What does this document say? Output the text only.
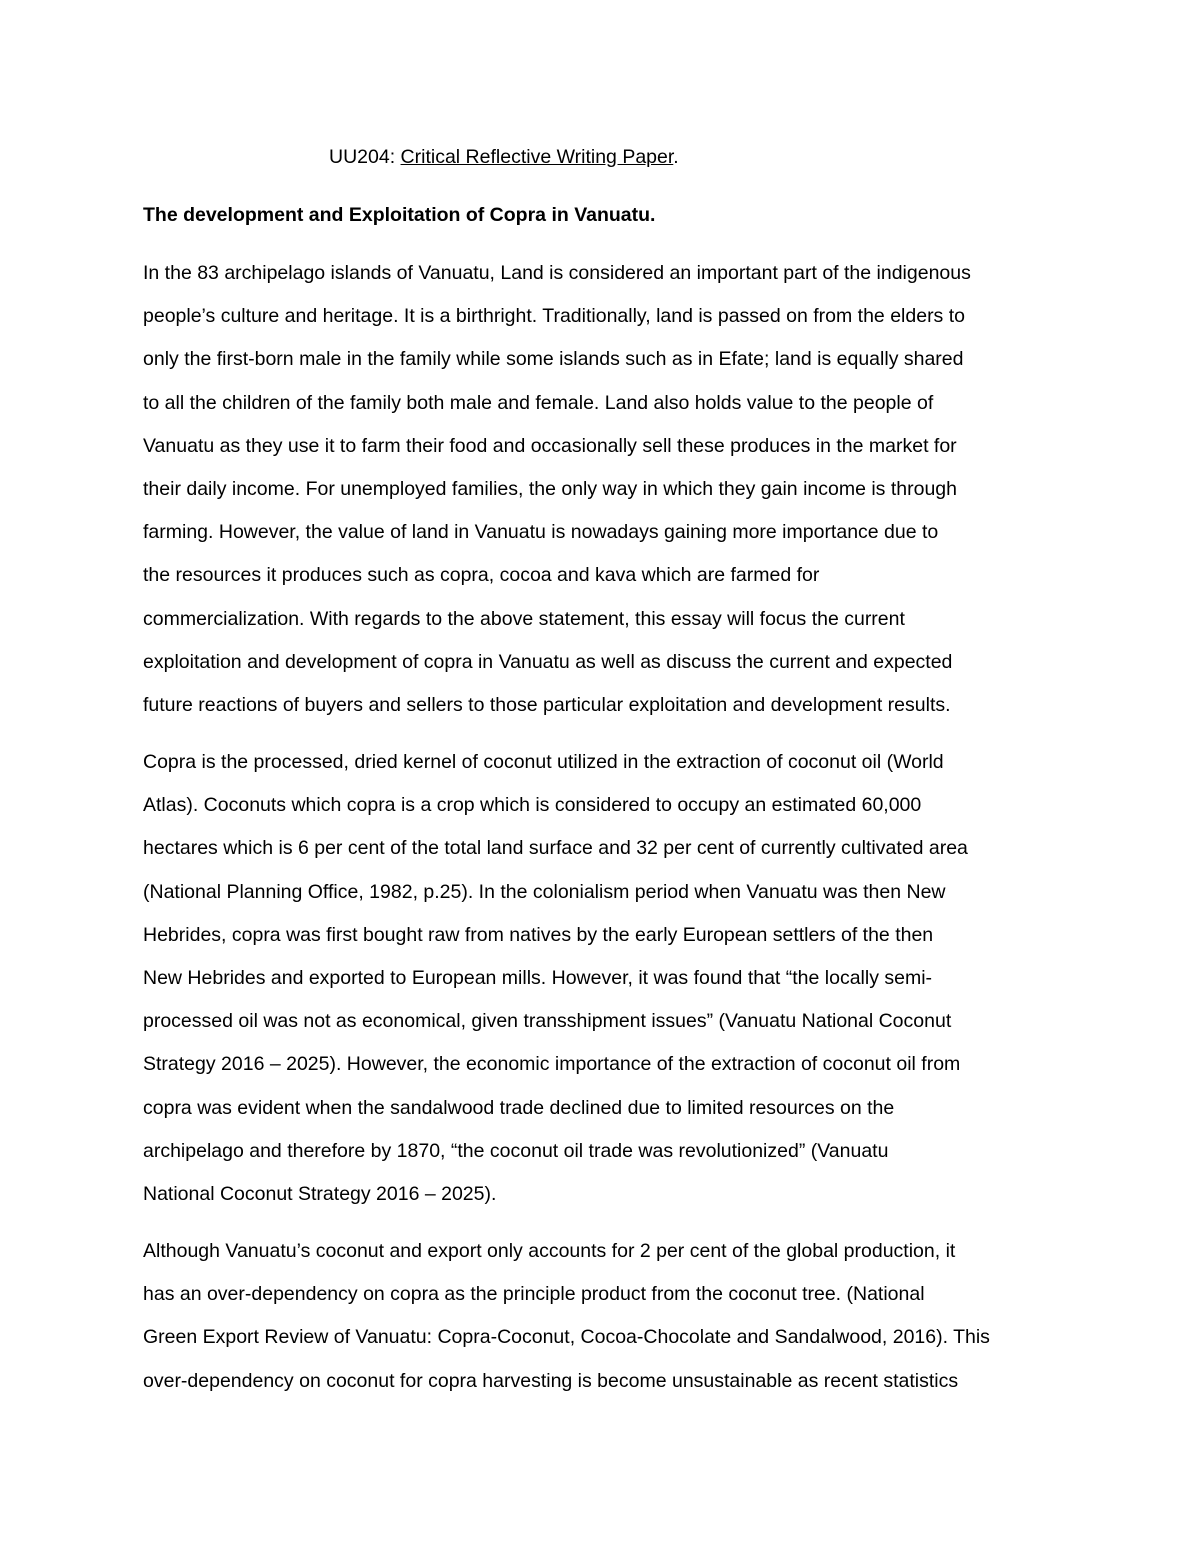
UU204: Critical Reflective Writing Paper.
The development and Exploitation of Copra in Vanuatu.

In the 83 archipelago islands of Vanuatu, Land is considered an important part of the indigenous
people’s culture and heritage. It is a birthright. Traditionally, land is passed on from the elders to
only the first-born male in the family while some islands such as in Efate; land is equally shared
to all the children of the family both male and female. Land also holds value to the people of
Vanuatu as they use it to farm their food and occasionally sell these produces in the market for
their daily income. For unemployed families, the only way in which they gain income is through
farming. However, the value of land in Vanuatu is nowadays gaining more importance due to
the resources it produces such as copra, cocoa and kava which are farmed for
commercialization. With regards to the above statement, this essay will focus the current
exploitation and development of copra in Vanuatu as well as discuss the current and expected
future reactions of buyers and sellers to those particular exploitation and development results.

Copra is the processed, dried kernel of coconut utilized in the extraction of coconut oil (World
Atlas). Coconuts which copra is a crop which is considered to occupy an estimated 60,000
hectares which is 6 per cent of the total land surface and 32 per cent of currently cultivated area
(National Planning Office, 1982, p.25). In the colonialism period when Vanuatu was then New
Hebrides, copra was first bought raw from natives by the early European settlers of the then
New Hebrides and exported to European mills. However, it was found that “the locally semi-
processed oil was not as economical, given transshipment issues” (Vanuatu National Coconut
Strategy 2016 – 2025). However, the economic importance of the extraction of coconut oil from
copra was evident when the sandalwood trade declined due to limited resources on the
archipelago and therefore by 1870, “the coconut oil trade was revolutionized” (Vanuatu
National Coconut Strategy 2016 – 2025).

Although Vanuatu’s coconut and export only accounts for 2 per cent of the global production, it
has an over-dependency on copra as the principle product from the coconut tree. (National
Green Export Review of Vanuatu: Copra-Coconut, Cocoa-Chocolate and Sandalwood, 2016). This
over-dependency on coconut for copra harvesting is become unsustainable as recent statistics
